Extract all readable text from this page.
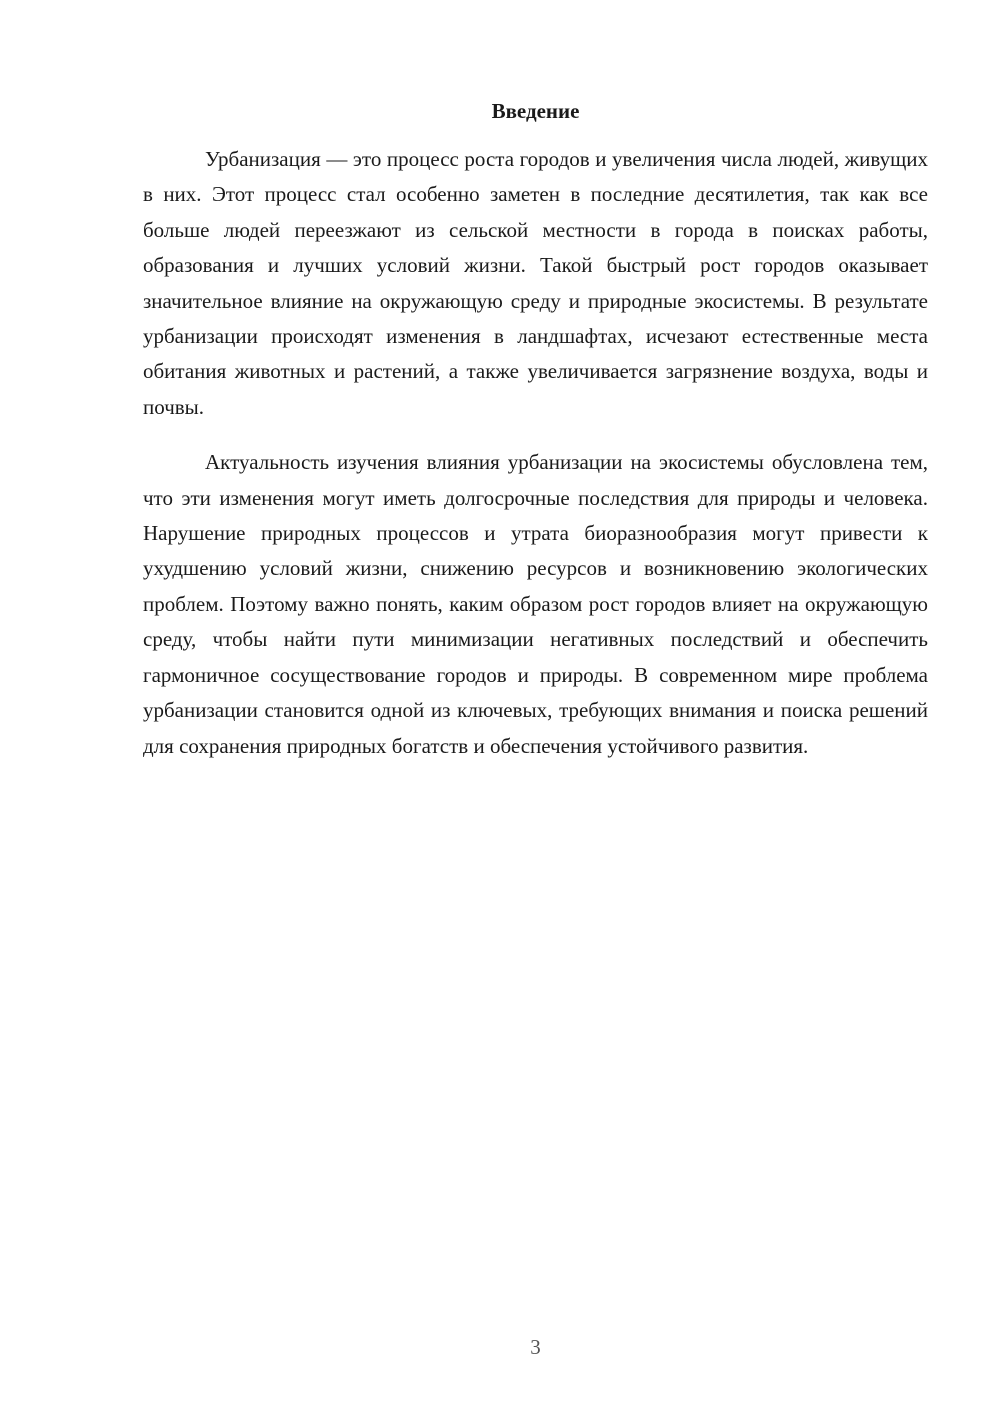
Введение

Урбанизация — это процесс роста городов и увеличения числа людей, живущих в них. Этот процесс стал особенно заметен в последние десятилетия, так как все больше людей переезжают из сельской местности в города в поисках работы, образования и лучших условий жизни. Такой быстрый рост городов оказывает значительное влияние на окружающую среду и природные экосистемы. В результате урбанизации происходят изменения в ландшафтах, исчезают естественные места обитания животных и растений, а также увеличивается загрязнение воздуха, воды и почвы.

Актуальность изучения влияния урбанизации на экосистемы обусловлена тем, что эти изменения могут иметь долгосрочные последствия для природы и человека. Нарушение природных процессов и утрата биоразнообразия могут привести к ухудшению условий жизни, снижению ресурсов и возникновению экологических проблем. Поэтому важно понять, каким образом рост городов влияет на окружающую среду, чтобы найти пути минимизации негативных последствий и обеспечить гармоничное сосуществование городов и природы. В современном мире проблема урбанизации становится одной из ключевых, требующих внимания и поиска решений для сохранения природных богатств и обеспечения устойчивого развития.

3
